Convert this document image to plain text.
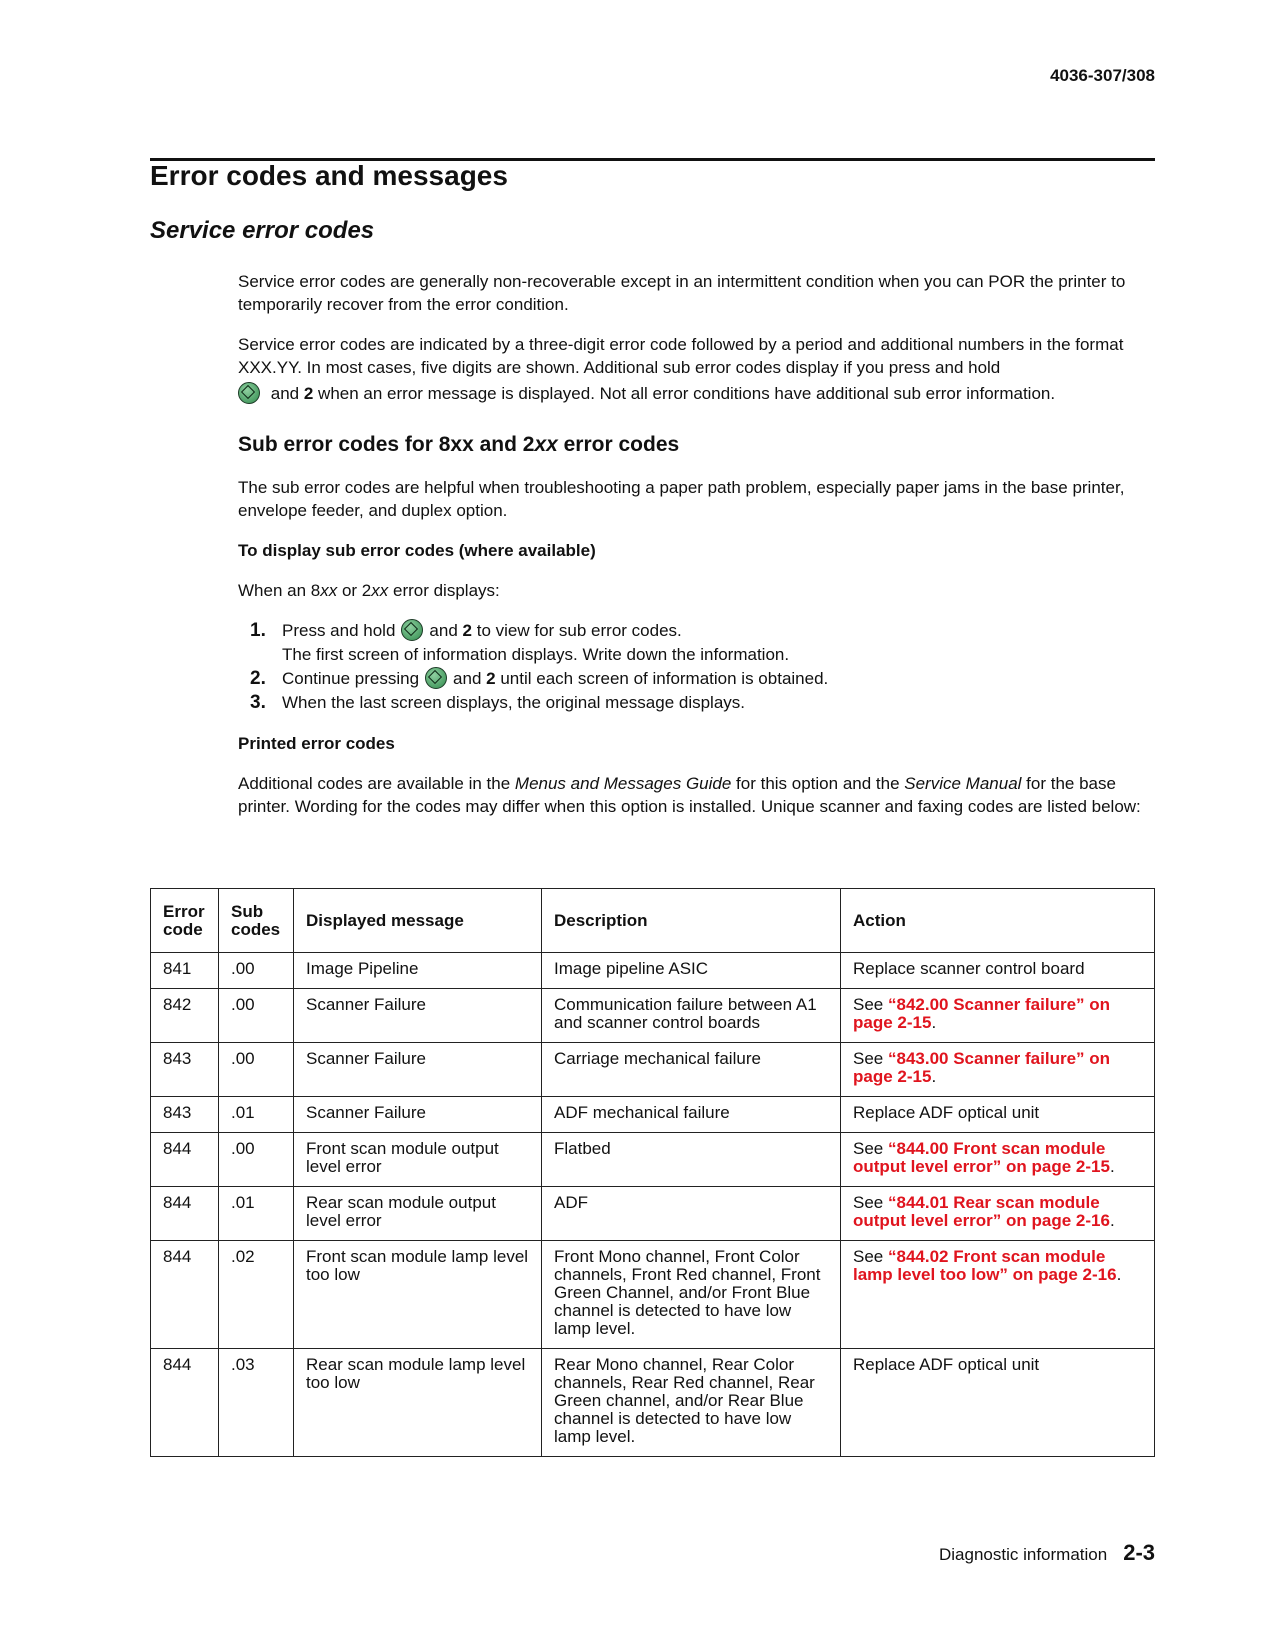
4036-307/308
Error codes and messages
Service error codes

Service error codes are generally non-recoverable except in an intermittent condition when you can POR the printer to temporarily recover from the error condition.

Service error codes are indicated by a three-digit error code followed by a period and additional numbers in the format XXX.YY. In most cases, five digits are shown. Additional sub error codes display if you press and hold

and 2 when an error message is displayed. Not all error conditions have additional sub error information.

Sub error codes for 8xx and 2xx error codes

The sub error codes are helpful when troubleshooting a paper path problem, especially paper jams in the base printer, envelope feeder, and duplex option.

To display sub error codes (where available)

When an 8xx or 2xx error displays:

1. Press and hold and 2 to view for sub error codes.
The first screen of information displays. Write down the information.
2. Continue pressing and 2 until each screen of information is obtained.
3. When the last screen displays, the original message displays.
Printed error codes

Additional codes are available in the Menus and Messages Guide for this option and the Service Manual for the base printer. Wording for the codes may differ when this option is installed. Unique scanner and faxing codes are listed below:

Error code	Sub codes	Displayed message	Description	Action
841	.00	Image Pipeline	Image pipeline ASIC	Replace scanner control board
842	.00	Scanner Failure	Communication failure between A1 and scanner control boards	See “842.00 Scanner failure” on page 2-15.
843	.00	Scanner Failure	Carriage mechanical failure	See “843.00 Scanner failure” on page 2-15.
843	.01	Scanner Failure	ADF mechanical failure	Replace ADF optical unit
844	.00	Front scan module output level error	Flatbed	See “844.00 Front scan module output level error” on page 2-15.
844	.01	Rear scan module output level error	ADF	See “844.01 Rear scan module output level error” on page 2-16.
844	.02	Front scan module lamp level too low	Front Mono channel, Front Color channels, Front Red channel, Front Green Channel, and/or Front Blue channel is detected to have low lamp level.	See “844.02 Front scan module lamp level too low” on page 2-16.
844	.03	Rear scan module lamp level too low	Rear Mono channel, Rear Color channels, Rear Red channel, Rear Green channel, and/or Rear Blue channel is detected to have low lamp level.	Replace ADF optical unit
Diagnostic information 2-3
